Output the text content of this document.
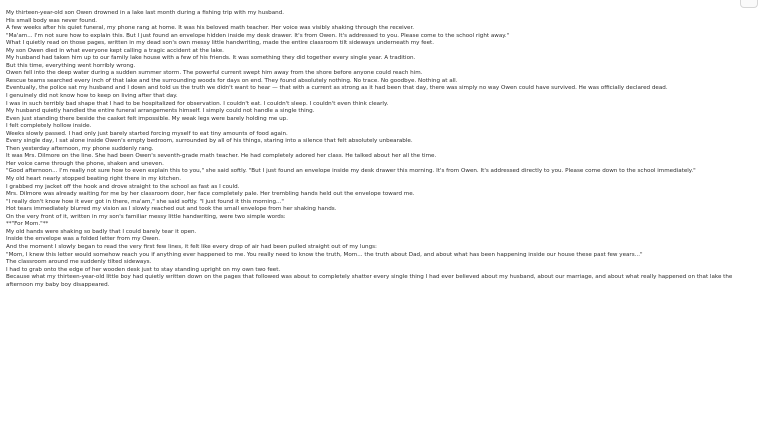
My thirteen-year-old son Owen drowned in a lake last month during a fishing trip with my husband.

His small body was never found.

A few weeks after his quiet funeral, my phone rang at home. It was his beloved math teacher. Her voice was visibly shaking through the receiver.

"Ma'am... I'm not sure how to explain this. But I just found an envelope hidden inside my desk drawer. It's from Owen. It's addressed to you. Please come to the school right away."

What I quietly read on those pages, written in my dead son's own messy little handwriting, made the entire classroom tilt sideways underneath my feet.

My son Owen died in what everyone kept calling a tragic accident at the lake.

My husband had taken him up to our family lake house with a few of his friends. It was something they did together every single year. A tradition.

But this time, everything went horribly wrong.

Owen fell into the deep water during a sudden summer storm. The powerful current swept him away from the shore before anyone could reach him.

Rescue teams searched every inch of that lake and the surrounding woods for days on end. They found absolutely nothing. No trace. No goodbye. Nothing at all.

Eventually, the police sat my husband and I down and told us the truth we didn't want to hear — that with a current as strong as it had been that day, there was simply no way Owen could have survived. He was officially declared dead.

I genuinely did not know how to keep on living after that day.

I was in such terribly bad shape that I had to be hospitalized for observation. I couldn't eat. I couldn't sleep. I couldn't even think clearly.

My husband quietly handled the entire funeral arrangements himself. I simply could not handle a single thing.

Even just standing there beside the casket felt impossible. My weak legs were barely holding me up.

I felt completely hollow inside.

Weeks slowly passed. I had only just barely started forcing myself to eat tiny amounts of food again.

Every single day, I sat alone inside Owen's empty bedroom, surrounded by all of his things, staring into a silence that felt absolutely unbearable.

Then yesterday afternoon, my phone suddenly rang.

It was Mrs. Dilmore on the line. She had been Owen's seventh-grade math teacher. He had completely adored her class. He talked about her all the time.

Her voice came through the phone, shaken and uneven.

"Good afternoon... I'm really not sure how to even explain this to you," she said softly. "But I just found an envelope inside my desk drawer this morning. It's from Owen. It's addressed directly to you. Please come down to the school immediately."

My old heart nearly stopped beating right there in my kitchen.

I grabbed my jacket off the hook and drove straight to the school as fast as I could.

Mrs. Dilmore was already waiting for me by her classroom door, her face completely pale. Her trembling hands held out the envelope toward me.

"I really don't know how it ever got in there, ma'am," she said softly. "I just found it this morning..."

Hot tears immediately blurred my vision as I slowly reached out and took the small envelope from her shaking hands.

On the very front of it, written in my son's familiar messy little handwriting, were two simple words:

**"For Mom."**

My old hands were shaking so badly that I could barely tear it open.

Inside the envelope was a folded letter from my Owen.

And the moment I slowly began to read the very first few lines, it felt like every drop of air had been pulled straight out of my lungs:

"Mom, I knew this letter would somehow reach you if anything ever happened to me. You really need to know the truth, Mom... the truth about Dad, and about what has been happening inside our house these past few years..."

The classroom around me suddenly tilted sideways.

I had to grab onto the edge of her wooden desk just to stay standing upright on my own two feet.

Because what my thirteen-year-old little boy had quietly written down on the pages that followed was about to completely shatter every single thing I had ever believed about my husband, about our marriage, and about what really happened on that lake the afternoon my baby boy disappeared.
